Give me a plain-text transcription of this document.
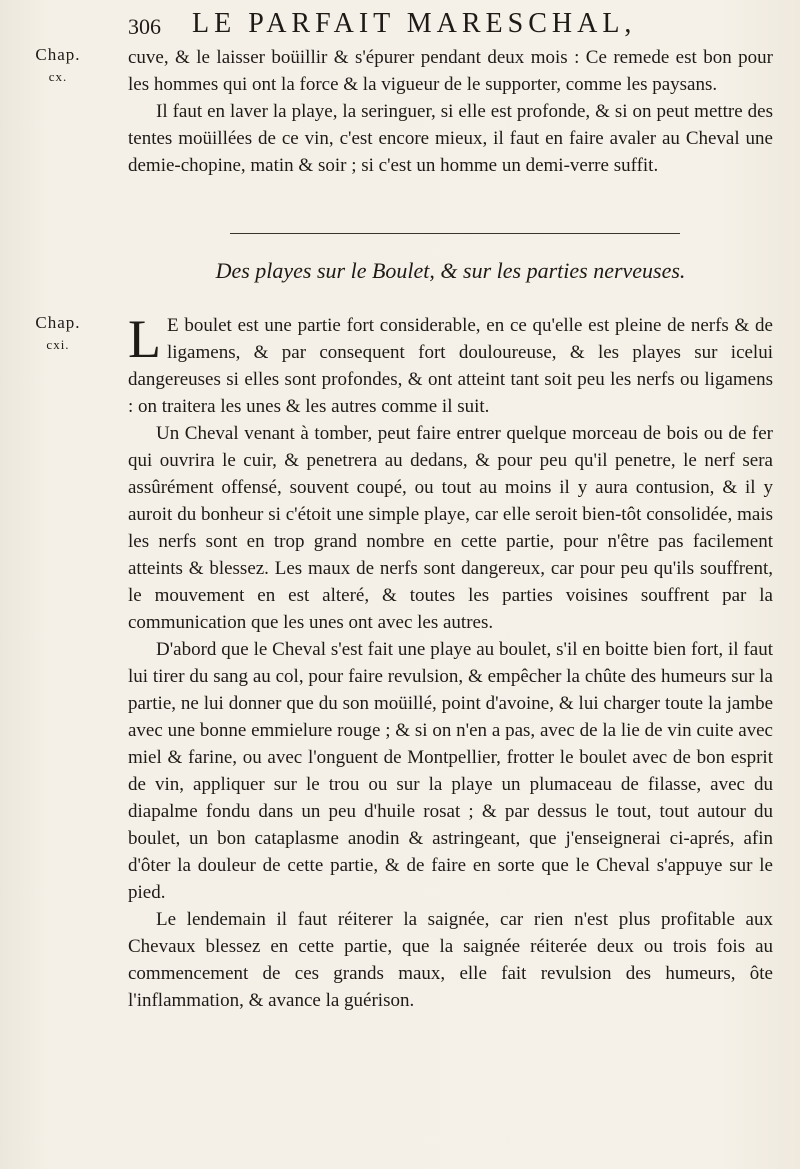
306 LE PARFAIT MARESCHAL,
Chap.
cx.

cuve, & le laisser boüillir & s'épurer pendant deux mois : Ce remede est bon pour les hommes qui ont la force & la vigueur de le supporter, comme les paysans.

Il faut en laver la playe, la seringuer, si elle est profonde, & si on peut mettre des tentes moüillées de ce vin, c'est encore mieux, il faut en faire avaler au Cheval une demie-chopine, matin & soir ; si c'est un homme un demi-verre suffit.

Des playes sur le Boulet, & sur les parties nerveuses.
Chap.
cxi.	L E boulet est une partie fort considerable, en ce qu'elle est pleine de nerfs & de ligamens, & par consequent fort douloureuse, & les playes sur icelui dangereuses si elles sont profondes, & ont atteint tant soit peu les nerfs ou ligamens : on traitera les unes & les autres comme il suit.

Un Cheval venant à tomber, peut faire entrer quelque morceau de bois ou de fer qui ouvrira le cuir, & penetrera au dedans, & pour peu qu'il penetre, le nerf sera assûrément offensé, souvent coupé, ou tout au moins il y aura contusion, & il y auroit du bonheur si c'étoit une simple playe, car elle seroit bien-tôt consolidée, mais les nerfs sont en trop grand nombre en cette partie, pour n'être pas facilement atteints & blessez. Les maux de nerfs sont dangereux, car pour peu qu'ils souffrent, le mouvement en est alteré, & toutes les parties voisines souffrent par la communication que les unes ont avec les autres.

D'abord que le Cheval s'est fait une playe au boulet, s'il en boitte bien fort, il faut lui tirer du sang au col, pour faire revulsion, & empêcher la chûte des humeurs sur la partie, ne lui donner que du son moüillé, point d'avoine, & lui charger toute la jambe avec une bonne emmielure rouge ; & si on n'en a pas, avec de la lie de vin cuite avec miel & farine, ou avec l'onguent de Montpellier, frotter le boulet avec de bon esprit de vin, appliquer sur le trou ou sur la playe un plumaceau de filasse, avec du diapalme fondu dans un peu d'huile rosat ; & par dessus le tout, tout autour du boulet, un bon cataplasme anodin & astringeant, que j'enseignerai ci-aprés, afin d'ôter la douleur de cette partie, & de faire en sorte que le Cheval s'appuye sur le pied.

Le lendemain il faut réiterer la saignée, car rien n'est plus profitable aux Chevaux blessez en cette partie, que la saignée réiterée deux ou trois fois au commencement de ces grands maux, elle fait revulsion des humeurs, ôte l'inflammation, & avance la guérison.
